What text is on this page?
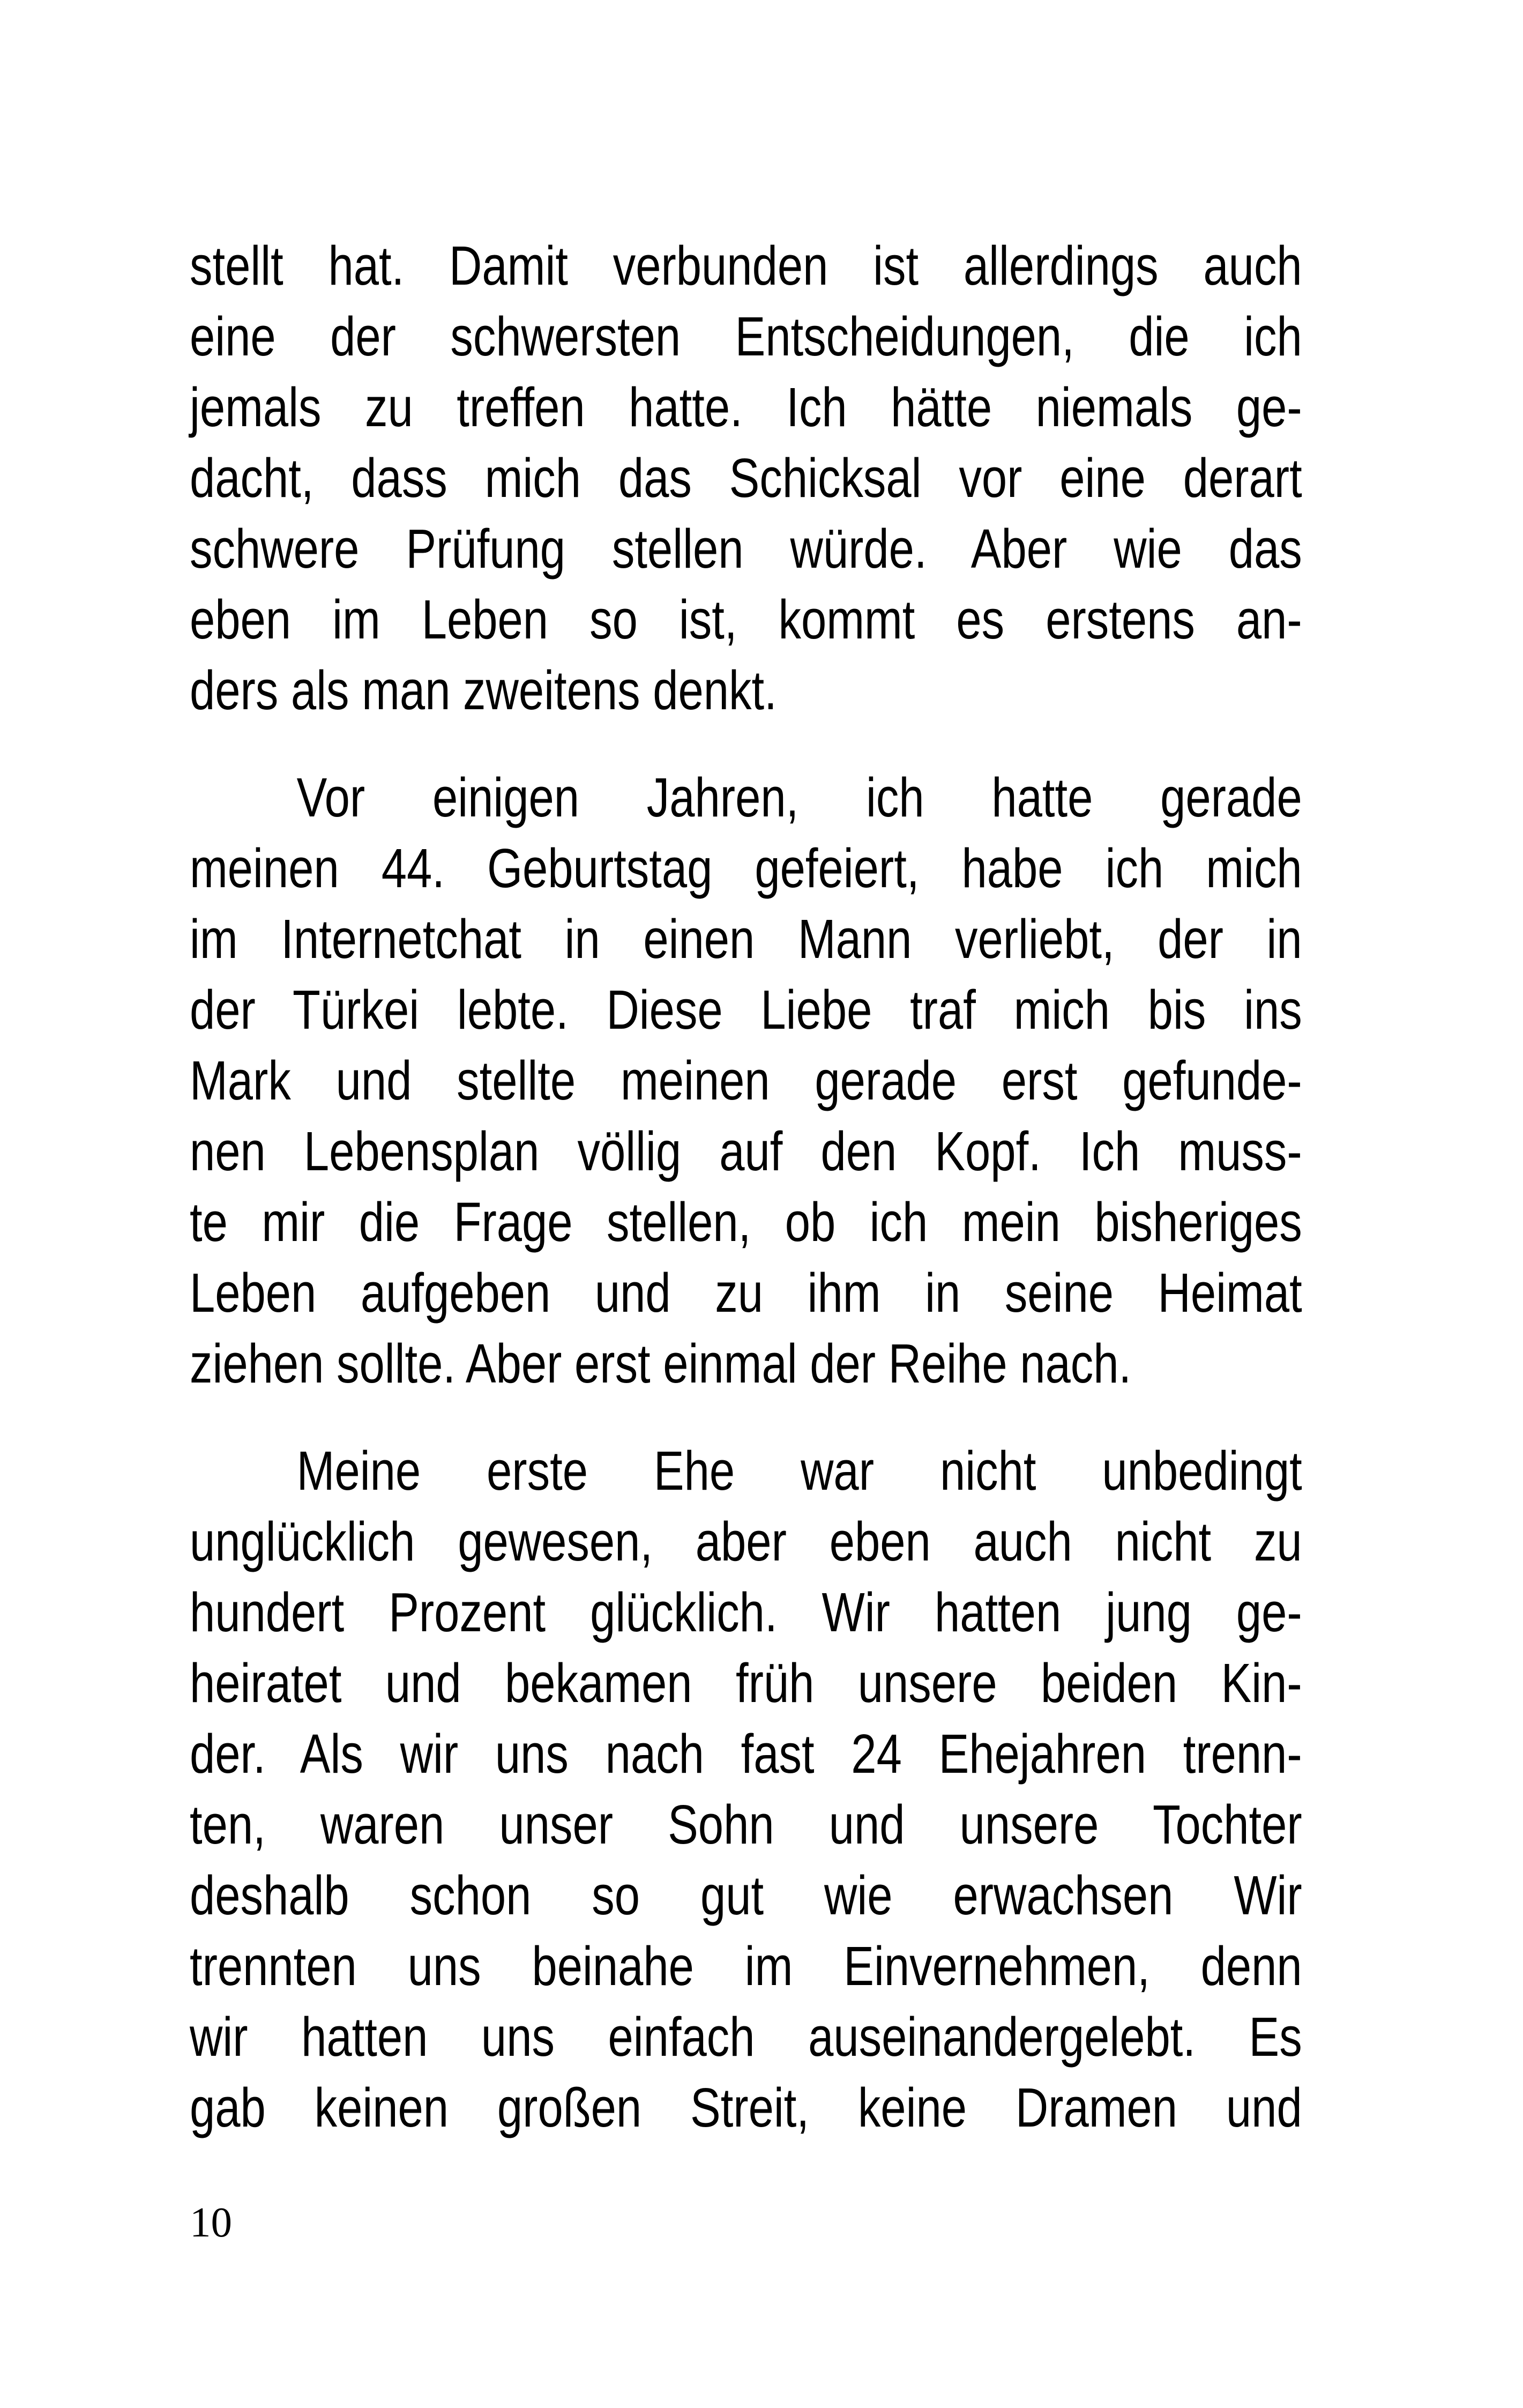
stellt hat. Damit verbunden ist allerdings auch
eine der schwersten Entscheidungen, die ich
jemals zu treffen hatte. Ich hätte niemals ge-
dacht, dass mich das Schicksal vor eine derart
schwere Prüfung stellen würde. Aber wie das
eben im Leben so ist, kommt es erstens an-
ders als man zweitens denkt.
Vor einigen Jahren, ich hatte gerade
meinen 44. Geburtstag gefeiert, habe ich mich
im Internetchat in einen Mann verliebt, der in
der Türkei lebte. Diese Liebe traf mich bis ins
Mark und stellte meinen gerade erst gefunde-
nen Lebensplan völlig auf den Kopf. Ich muss-
te mir die Frage stellen, ob ich mein bisheriges
Leben aufgeben und zu ihm in seine Heimat
ziehen sollte. Aber erst einmal der Reihe nach.
Meine erste Ehe war nicht unbedingt
unglücklich gewesen, aber eben auch nicht zu
hundert Prozent glücklich. Wir hatten jung ge-
heiratet und bekamen früh unsere beiden Kin-
der. Als wir uns nach fast 24 Ehejahren trenn-
ten, waren unser Sohn und unsere Tochter
deshalb schon so gut wie erwachsen Wir
trennten uns beinahe im Einvernehmen, denn
wir hatten uns einfach auseinandergelebt. Es
gab keinen großen Streit, keine Dramen und
10
